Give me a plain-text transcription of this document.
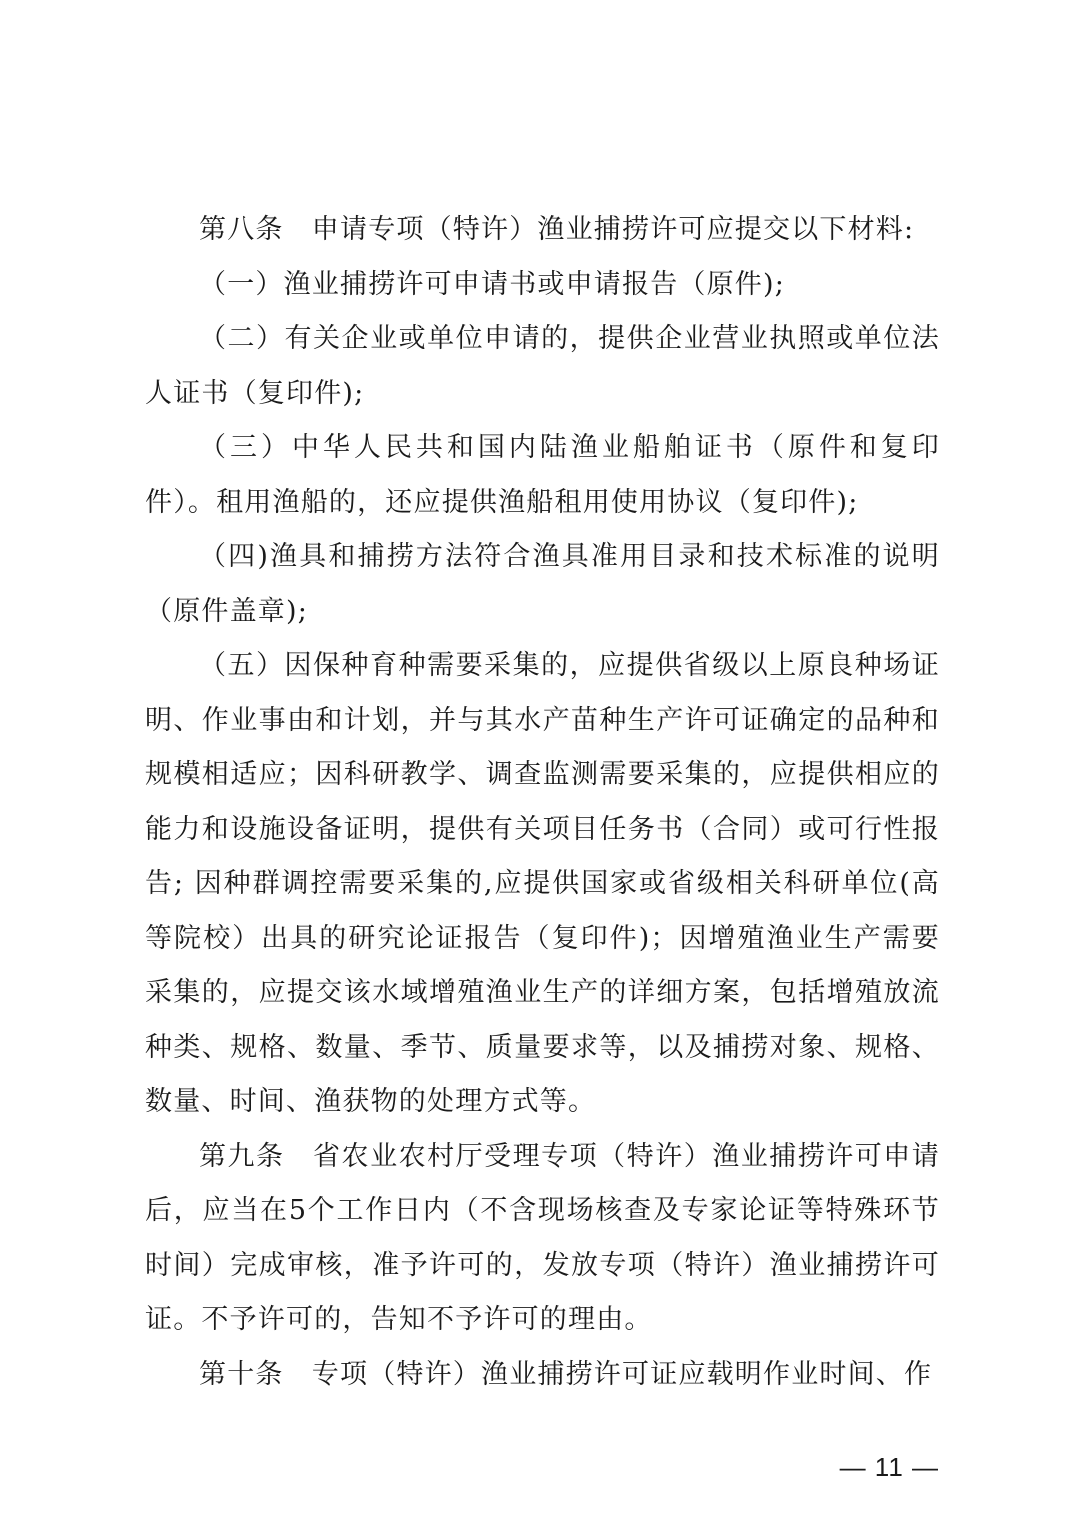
第八条　申请专项（特许）渔业捕捞许可应提交以下材料:

（一）渔业捕捞许可申请书或申请报告（原件);

（二）有关企业或单位申请的，提供企业营业执照或单位法人证书（复印件);

（三）中华人民共和国内陆渔业船舶证书（原件和复印件）。租用渔船的，还应提供渔船租用使用协议（复印件);

（四)渔具和捕捞方法符合渔具准用目录和技术标准的说明（原件盖章);

（五）因保种育种需要采集的，应提供省级以上原良种场证明、作业事由和计划，并与其水产苗种生产许可证确定的品种和规模相适应；因科研教学、调查监测需要采集的，应提供相应的能力和设施设备证明，提供有关项目任务书（合同）或可行性报告; 因种群调控需要采集的,应提供国家或省级相关科研单位(高等院校）出具的研究论证报告（复印件)；因增殖渔业生产需要采集的，应提交该水域增殖渔业生产的详细方案，包括增殖放流种类、规格、数量、季节、质量要求等，以及捕捞对象、规格、数量、时间、渔获物的处理方式等。

第九条　省农业农村厅受理专项（特许）渔业捕捞许可申请后，应当在5个工作日内（不含现场核查及专家论证等特殊环节时间）完成审核，准予许可的，发放专项（特许）渔业捕捞许可证。不予许可的，告知不予许可的理由。

第十条　专项（特许）渔业捕捞许可证应载明作业时间、作

— 11 —
